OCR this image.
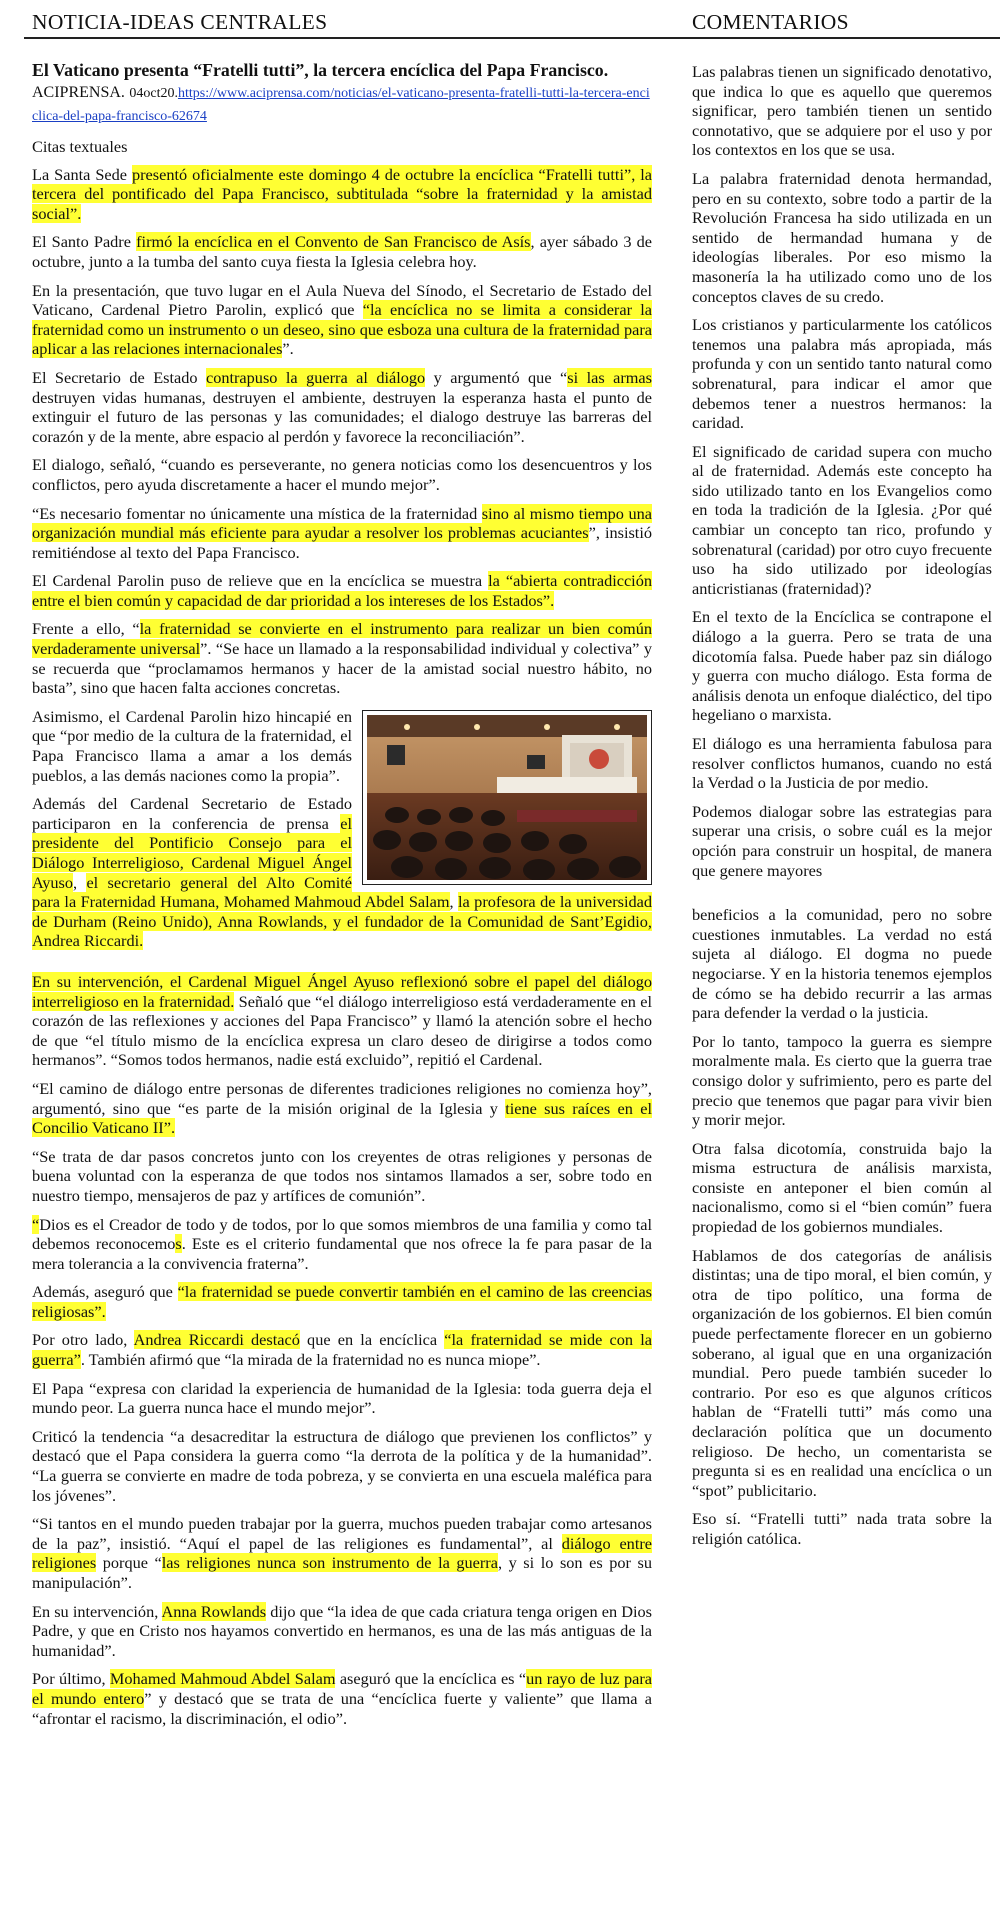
NOTICIA-IDEAS CENTRALES	COMENTARIOS

El Vaticano presenta “Fratelli tutti”, la tercera encíclica del Papa Francisco. ACIPRENSA. 04oct20.https://www.aciprensa.com/noticias/el-vaticano-presenta-fratelli-tutti-la-tercera-enciclica-del-papa-francisco-62674

Citas textuales

La Santa Sede presentó oficialmente este domingo 4 de octubre la encíclica “Fratelli tutti”, la tercera del pontificado del Papa Francisco, subtitulada “sobre la fraternidad y la amistad social”.

El Santo Padre firmó la encíclica en el Convento de San Francisco de Asís, ayer sábado 3 de octubre, junto a la tumba del santo cuya fiesta la Iglesia celebra hoy.

En la presentación, que tuvo lugar en el Aula Nueva del Sínodo, el Secretario de Estado del Vaticano, Cardenal Pietro Parolin, explicó que “la encíclica no se limita a considerar la fraternidad como un instrumento o un deseo, sino que esboza una cultura de la fraternidad para aplicar a las relaciones internacionales”.

El Secretario de Estado contrapuso la guerra al diálogo y argumentó que “si las armas destruyen vidas humanas, destruyen el ambiente, destruyen la esperanza hasta el punto de extinguir el futuro de las personas y las comunidades; el dialogo destruye las barreras del corazón y de la mente, abre espacio al perdón y favorece la reconciliación”.

El dialogo, señaló, “cuando es perseverante, no genera noticias como los desencuentros y los conflictos, pero ayuda discretamente a hacer el mundo mejor”.

“Es necesario fomentar no únicamente una mística de la fraternidad sino al mismo tiempo una organización mundial más eficiente para ayudar a resolver los problemas acuciantes”, insistió remitiéndose al texto del Papa Francisco.

El Cardenal Parolin puso de relieve que en la encíclica se muestra la “abierta contradicción entre el bien común y capacidad de dar prioridad a los intereses de los Estados”.

Frente a ello, “la fraternidad se convierte en el instrumento para realizar un bien común verdaderamente universal”. “Se hace un llamado a la responsabilidad individual y colectiva” y se recuerda que “proclamamos hermanos y hacer de la amistad social nuestro hábito, no basta”, sino que hacen falta acciones concretas.

Asimismo, el Cardenal Parolin hizo hincapié en que “por medio de la cultura de la fraternidad, el Papa Francisco llama a amar a los demás pueblos, a las demás naciones como la propia”.

Además del Cardenal Secretario de Estado participaron en la conferencia de prensa el presidente del Pontificio Consejo para el Diálogo Interreligioso, Cardenal Miguel Ángel Ayuso, el secretario general del Alto Comité para la Fraternidad Humana, Mohamed Mahmoud Abdel Salam, la profesora de la universidad de Durham (Reino Unido), Anna Rowlands, y el fundador de la Comunidad de Sant’Egidio, Andrea Riccardi.

En su intervención, el Cardenal Miguel Ángel Ayuso reflexionó sobre el papel del diálogo interreligioso en la fraternidad. Señaló que “el diálogo interreligioso está verdaderamente en el corazón de las reflexiones y acciones del Papa Francisco” y llamó la atención sobre el hecho de que “el título mismo de la encíclica expresa un claro deseo de dirigirse a todos como hermanos”. “Somos todos hermanos, nadie está excluido”, repitió el Cardenal.

“El camino de diálogo entre personas de diferentes tradiciones religiones no comienza hoy”, argumentó, sino que “es parte de la misión original de la Iglesia y tiene sus raíces en el Concilio Vaticano II”.

“Se trata de dar pasos concretos junto con los creyentes de otras religiones y personas de buena voluntad con la esperanza de que todos nos sintamos llamados a ser, sobre todo en nuestro tiempo, mensajeros de paz y artífices de comunión”.

“Dios es el Creador de todo y de todos, por lo que somos miembros de una familia y como tal debemos reconocemos. Este es el criterio fundamental que nos ofrece la fe para pasar de la mera tolerancia a la convivencia fraterna”.

Además, aseguró que “la fraternidad se puede convertir también en el camino de las creencias religiosas”.

Por otro lado, Andrea Riccardi destacó que en la encíclica “la fraternidad se mide con la guerra”. También afirmó que “la mirada de la fraternidad no es nunca miope”.

El Papa “expresa con claridad la experiencia de humanidad de la Iglesia: toda guerra deja el mundo peor. La guerra nunca hace el mundo mejor”.

Criticó la tendencia “a desacreditar la estructura de diálogo que previenen los conflictos” y destacó que el Papa considera la guerra como “la derrota de la política y de la humanidad”. “La guerra se convierte en madre de toda pobreza, y se convierta en una escuela maléfica para los jóvenes”.

“Si tantos en el mundo pueden trabajar por la guerra, muchos pueden trabajar como artesanos de la paz”, insistió. “Aquí el papel de las religiones es fundamental”, al diálogo entre religiones porque “las religiones nunca son instrumento de la guerra, y si lo son es por su manipulación”.

En su intervención, Anna Rowlands dijo que “la idea de que cada criatura tenga origen en Dios Padre, y que en Cristo nos hayamos convertido en hermanos, es una de las más antiguas de la humanidad”.

Por último, Mohamed Mahmoud Abdel Salam aseguró que la encíclica es “un rayo de luz para el mundo entero” y destacó que se trata de una “encíclica fuerte y valiente” que llama a “afrontar el racismo, la discriminación, el odio”.

Las palabras tienen un significado denotativo, que indica lo que es aquello que queremos significar, pero también tienen un sentido connotativo, que se adquiere por el uso y por los contextos en los que se usa.

La palabra fraternidad denota hermandad, pero en su contexto, sobre todo a partir de la Revolución Francesa ha sido utilizada en un sentido de hermandad humana y de ideologías liberales. Por eso mismo la masonería la ha utilizado como uno de los conceptos claves de su credo.

Los cristianos y particularmente los católicos tenemos una palabra más apropiada, más profunda y con un sentido tanto natural como sobrenatural, para indicar el amor que debemos tener a nuestros hermanos: la caridad.

El significado de caridad supera con mucho al de fraternidad. Además este concepto ha sido utilizado tanto en los Evangelios como en toda la tradición de la Iglesia. ¿Por qué cambiar un concepto tan rico, profundo y sobrenatural (caridad) por otro cuyo frecuente uso ha sido utilizado por ideologías anticristianas (fraternidad)?

En el texto de la Encíclica se contrapone el diálogo a la guerra. Pero se trata de una dicotomía falsa. Puede haber paz sin diálogo y guerra con mucho diálogo. Esta forma de análisis denota un enfoque dialéctico, del tipo hegeliano o marxista.

El diálogo es una herramienta fabulosa para resolver conflictos humanos, cuando no está la Verdad o la Justicia de por medio.

Podemos dialogar sobre las estrategias para superar una crisis, o sobre cuál es la mejor opción para construir un hospital, de manera que genere mayores

beneficios a la comunidad, pero no sobre cuestiones inmutables. La verdad no está sujeta al diálogo. El dogma no puede negociarse. Y en la historia tenemos ejemplos de cómo se ha debido recurrir a las armas para defender la verdad o la justicia.

Por lo tanto, tampoco la guerra es siempre moralmente mala. Es cierto que la guerra trae consigo dolor y sufrimiento, pero es parte del precio que tenemos que pagar para vivir bien y morir mejor.

Otra falsa dicotomía, construida bajo la misma estructura de análisis marxista, consiste en anteponer el bien común al nacionalismo, como si el “bien común” fuera propiedad de los gobiernos mundiales.

Hablamos de dos categorías de análisis distintas; una de tipo moral, el bien común, y otra de tipo político, una forma de organización de los gobiernos. El bien común puede perfectamente florecer en un gobierno soberano, al igual que en una organización mundial. Pero puede también suceder lo contrario. Por eso es que algunos críticos hablan de “Fratelli tutti” más como una declaración política que un documento religioso. De hecho, un comentarista se pregunta si es en realidad una encíclica o un “spot” publicitario.

Eso sí. “Fratelli tutti” nada trata sobre la religión católica.
